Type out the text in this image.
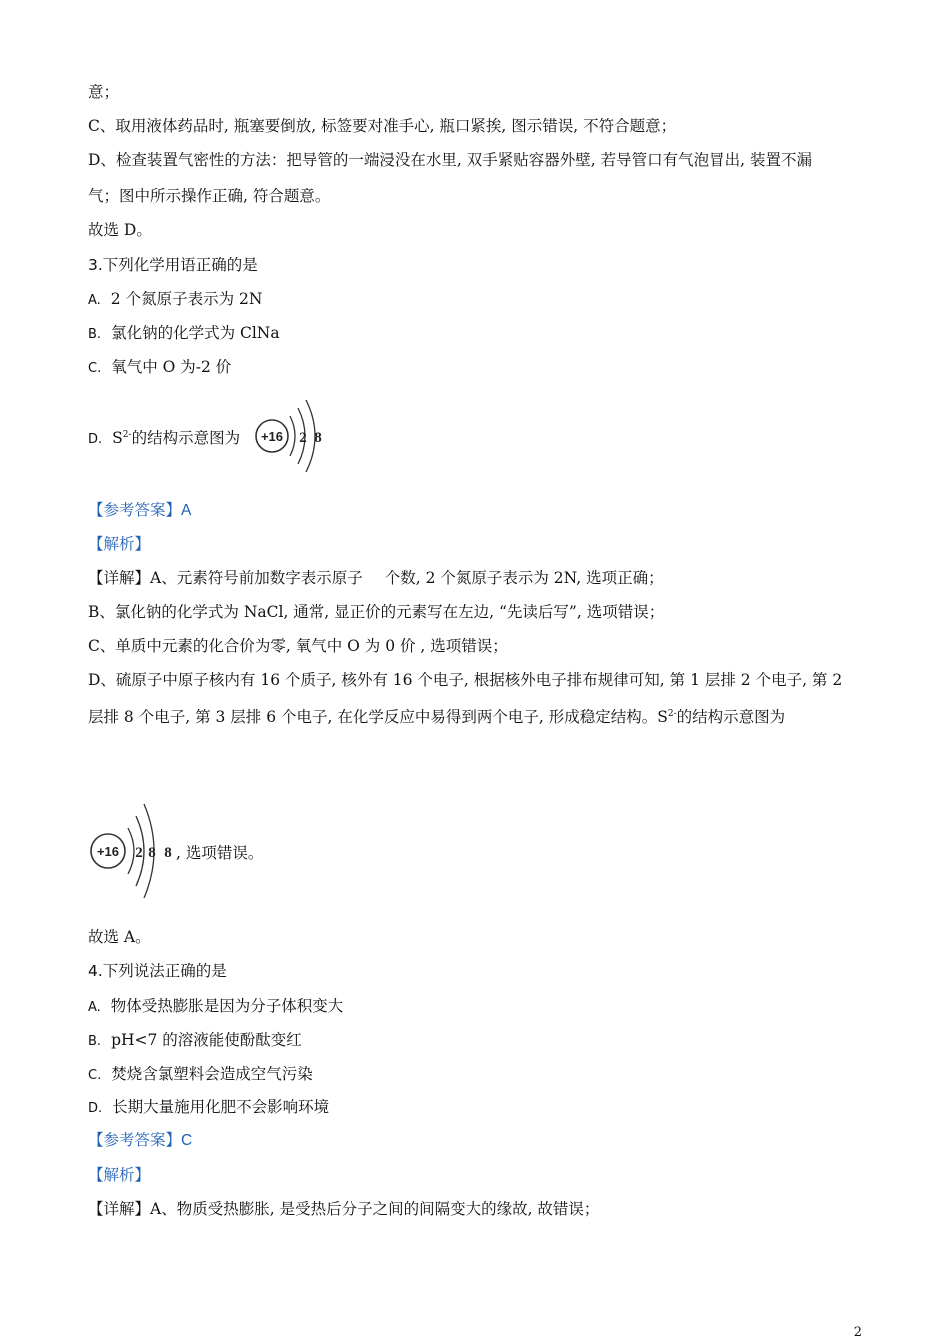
意；
C、取用液体药品时, 瓶塞要倒放, 标签要对准手心, 瓶口紧挨, 图示错误, 不符合题意；
D、检查装置气密性的方法：把导管的一端浸没在水里, 双手紧贴容器外壁, 若导管口有气泡冒出, 装置不漏
气；图中所示操作正确, 符合题意。
故选 D。
3.下列化学用语正确的是
A. 2 个氮原子表示为 2N
B. 氯化钠的化学式为 ClNa
C. 氧气中 O 为-2 价
D. $S^{2-}$的结构示意图为 +16 2 8
【参考答案】A
【解析】
【详解】A、元素符号前加数字表示原子 个数, 2 个氮原子表示为 2N, 选项正确；
B、氯化钠的化学式为 NaCl, 通常, 显正价的元素写在左边, “先读后写”, 选项错误；
C、单质中元素的化合价为零, 氧气中 O 为 0 价 , 选项错误；
D、硫原子中原子核内有 16 个质子, 核外有 16 个电子, 根据核外电子排布规律可知, 第 1 层排 2 个电子, 第 2
层排 8 个电子, 第 3 层排 6 个电子, 在化学反应中易得到两个电子, 形成稳定结构。$S^{2-}$的结构示意图为
+16 2 8 8 , 选项错误。
故选 A。
4.下列说法正确的是
A. 物体受热膨胀是因为分子体积变大
B. pH<7 的溶液能使酚酞变红
C. 焚烧含氯塑料会造成空气污染
D. 长期大量施用化肥不会影响环境
【参考答案】C
【解析】
【详解】A、物质受热膨胀, 是受热后分子之间的间隔变大的缘故, 故错误；
2
